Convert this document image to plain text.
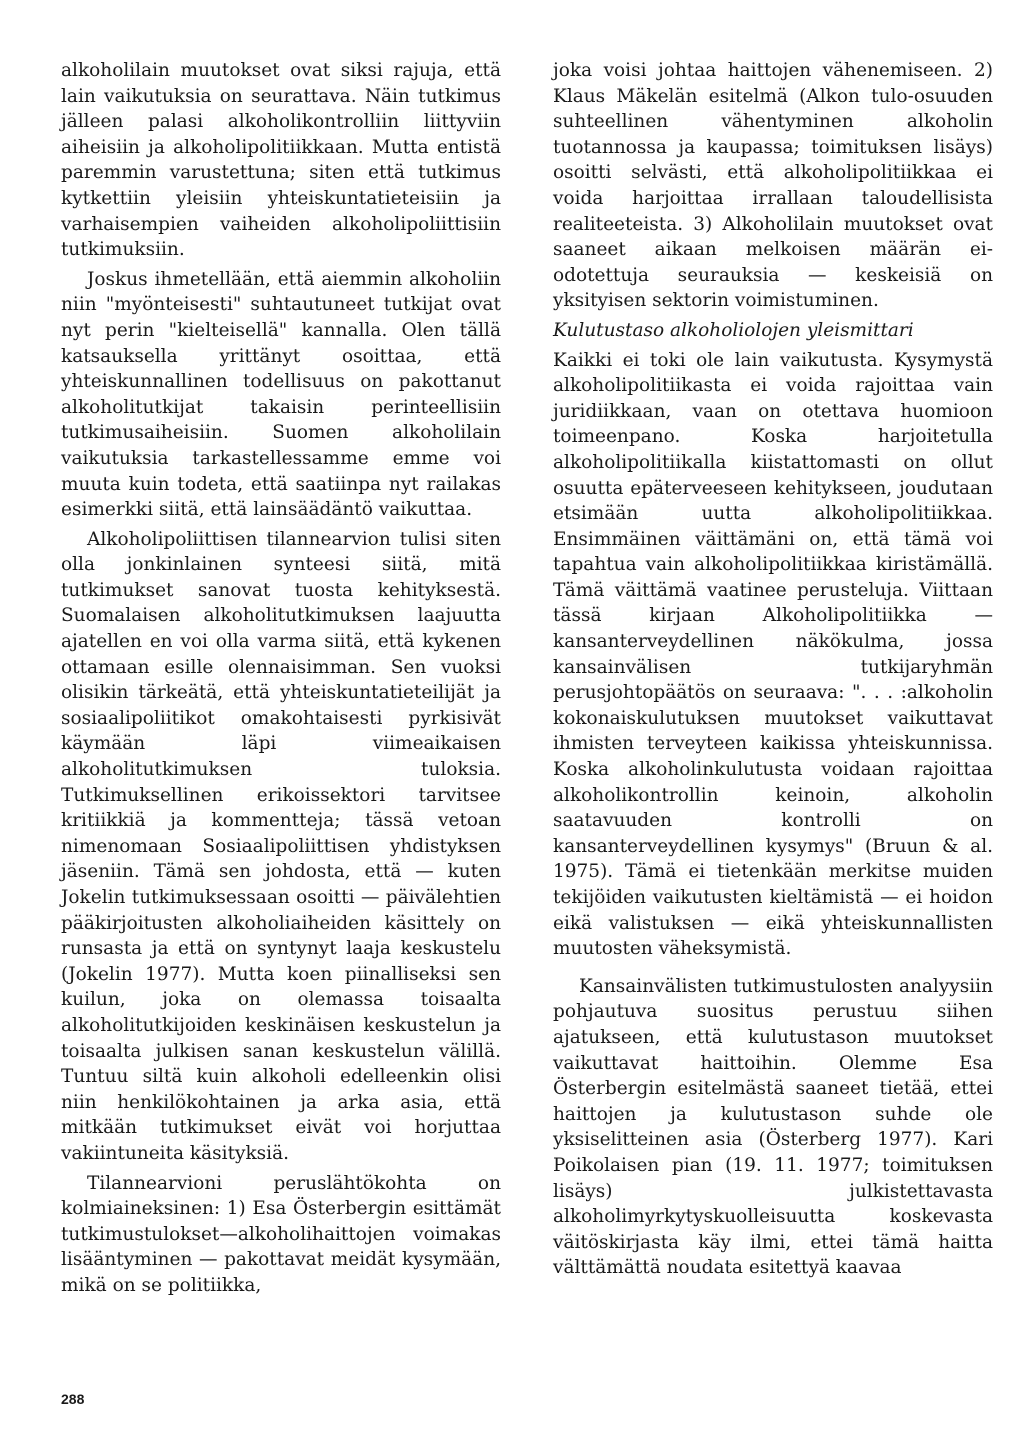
alkoholilain muutokset ovat siksi rajuja, että lain vaikutuksia on seurattava. Näin tutkimus jälleen palasi alkoholikontrolliin liittyviin aiheisiin ja alkoholipolitiikkaan. Mutta entistä paremmin varustettuna; siten että tutkimus kytkettiin yleisiin yhteiskuntatieteisiin ja varhaisempien vaiheiden alkoholipoliittisiin tutkimuksiin.

Joskus ihmetellään, että aiemmin alkoholiin niin "myönteisesti" suhtautuneet tutkijat ovat nyt perin "kielteisellä" kannalla. Olen tällä katsauksella yrittänyt osoittaa, että yhteiskunnallinen todellisuus on pakottanut alkoholitutkijat takaisin perinteellisiin tutkimusaiheisiin. Suomen alkoholilain vaikutuksia tarkastellessamme emme voi muuta kuin todeta, että saatiinpa nyt railakas esimerkki siitä, että lainsäädäntö vaikuttaa.

Alkoholipoliittisen tilannearvion tulisi siten olla jonkinlainen synteesi siitä, mitä tutkimukset sanovat tuosta kehityksestä. Suomalaisen alkoholitutkimuksen laajuutta ajatellen en voi olla varma siitä, että kykenen ottamaan esille olennaisimman. Sen vuoksi olisikin tärkeätä, että yhteiskuntatieteilijät ja sosiaalipoliitikot omakohtaisesti pyrkisivät käymään läpi viimeaikaisen alkoholitutkimuksen tuloksia. Tutkimuksellinen erikoissektori tarvitsee kritiikkiä ja kommentteja; tässä vetoan nimenomaan Sosiaalipoliittisen yhdistyksen jäseniin. Tämä sen johdosta, että — kuten Jokelin tutkimuksessaan osoitti — päivälehtien pääkirjoitusten alkoholiaiheiden käsittely on runsasta ja että on syntynyt laaja keskustelu (Jokelin 1977). Mutta koen piinalliseksi sen kuilun, joka on olemassa toisaalta alkoholitutkijoiden keskinäisen keskustelun ja toisaalta julkisen sanan keskustelun välillä. Tuntuu siltä kuin alkoholi edelleenkin olisi niin henkilökohtainen ja arka asia, että mitkään tutkimukset eivät voi horjuttaa vakiintuneita käsityksiä.

Tilannearvioni peruslähtökohta on kolmiaineksinen: 1) Esa Österbergin esittämät tutkimustulokset—alkoholihaittojen voimakas lisääntyminen — pakottavat meidät kysymään, mikä on se politiikka,

joka voisi johtaa haittojen vähenemiseen. 2) Klaus Mäkelän esitelmä (Alkon tulo-osuuden suhteellinen vähentyminen alkoholin tuotannossa ja kaupassa; toimituksen lisäys) osoitti selvästi, että alkoholipolitiikkaa ei voida harjoittaa irrallaan taloudellisista realiteeteista. 3) Alkoholilain muutokset ovat saaneet aikaan melkoisen määrän ei-odotettuja seurauksia — keskeisiä on yksityisen sektorin voimistuminen.

Kulutustaso alkoholiolojen yleismittari

Kaikki ei toki ole lain vaikutusta. Kysymystä alkoholipolitiikasta ei voida rajoittaa vain juridiikkaan, vaan on otettava huomioon toimeenpano. Koska harjoitetulla alkoholipolitiikalla kiistattomasti on ollut osuutta epäterveeseen kehitykseen, joudutaan etsimään uutta alkoholipolitiikkaa. Ensimmäinen väittämäni on, että tämä voi tapahtua vain alkoholipolitiikkaa kiristämällä. Tämä väittämä vaatinee perusteluja. Viittaan tässä kirjaan Alkoholipolitiikka — kansanterveydellinen näkökulma, jossa kansainvälisen tutkijaryhmän perusjohtopäätös on seuraava: ". . . :alkoholin kokonaiskulutuksen muutokset vaikuttavat ihmisten terveyteen kaikissa yhteiskunnissa. Koska alkoholinkulutusta voidaan rajoittaa alkoholikontrollin keinoin, alkoholin saatavuuden kontrolli on kansanterveydellinen kysymys" (Bruun & al. 1975). Tämä ei tietenkään merkitse muiden tekijöiden vaikutusten kieltämistä — ei hoidon eikä valistuksen — eikä yhteiskunnallisten muutosten väheksymistä.

Kansainvälisten tutkimustulosten analyysiin pohjautuva suositus perustuu siihen ajatukseen, että kulutustason muutokset vaikuttavat haittoihin. Olemme Esa Österbergin esitelmästä saaneet tietää, ettei haittojen ja kulutustason suhde ole yksiselitteinen asia (Österberg 1977). Kari Poikolaisen pian (19. 11. 1977; toimituksen lisäys) julkistettavasta alkoholimyrkytyskuolleisuutta koskevasta väitöskirjasta käy ilmi, ettei tämä haitta välttämättä noudata esitettyä kaavaa

288
